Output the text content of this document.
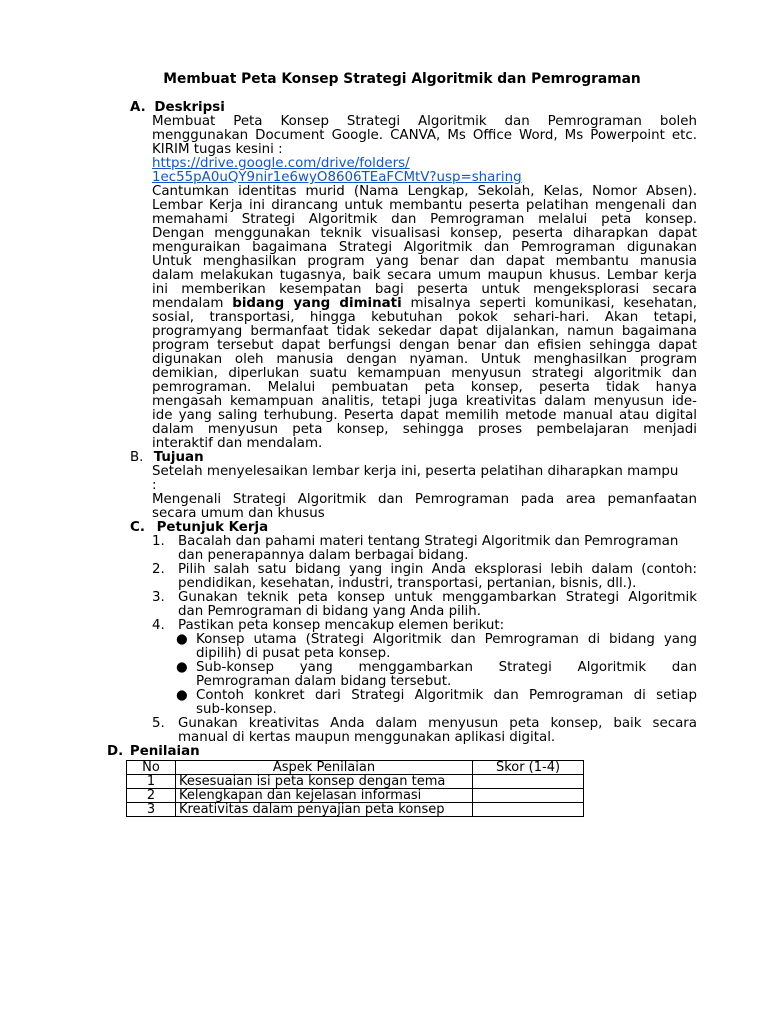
Membuat Peta Konsep Strategi Algoritmik dan Pemrograman
A. Deskripsi
Membuat Peta Konsep Strategi Algoritmik dan Pemrograman boleh
menggunakan Document Google. CANVA, Ms Office Word, Ms Powerpoint etc.
KIRIM tugas kesini :
https://drive.google.com/drive/folders/
1ec55pA0uQY9nir1e6wyO8606TEaFCMtV?usp=sharing
Cantumkan identitas murid (Nama Lengkap, Sekolah, Kelas, Nomor Absen).
Lembar Kerja ini dirancang untuk membantu peserta pelatihan mengenali dan
memahami Strategi Algoritmik dan Pemrograman melalui peta konsep.
Dengan menggunakan teknik visualisasi konsep, peserta diharapkan dapat
menguraikan bagaimana Strategi Algoritmik dan Pemrograman digunakan
Untuk menghasilkan program yang benar dan dapat membantu manusia
dalam melakukan tugasnya, baik secara umum maupun khusus. Lembar kerja
ini memberikan kesempatan bagi peserta untuk mengeksplorasi secara
mendalam bidang yang diminati misalnya seperti komunikasi, kesehatan,
sosial, transportasi, hingga kebutuhan pokok sehari-hari. Akan tetapi,
programyang bermanfaat tidak sekedar dapat dijalankan, namun bagaimana
program tersebut dapat berfungsi dengan benar dan efisien sehingga dapat
digunakan oleh manusia dengan nyaman. Untuk menghasilkan program
demikian, diperlukan suatu kemampuan menyusun strategi algoritmik dan
pemrograman. Melalui pembuatan peta konsep, peserta tidak hanya
mengasah kemampuan analitis, tetapi juga kreativitas dalam menyusun ide-
ide yang saling terhubung. Peserta dapat memilih metode manual atau digital
dalam menyusun peta konsep, sehingga proses pembelajaran menjadi
interaktif dan mendalam.
B. Tujuan
Setelah menyelesaikan lembar kerja ini, peserta pelatihan diharapkan mampu
:
Mengenali Strategi Algoritmik dan Pemrograman pada area pemanfaatan
secara umum dan khusus
C. Petunjuk Kerja
1. Bacalah dan pahami materi tentang Strategi Algoritmik dan Pemrograman
dan penerapannya dalam berbagai bidang.
2. Pilih salah satu bidang yang ingin Anda eksplorasi lebih dalam (contoh:
pendidikan, kesehatan, industri, transportasi, pertanian, bisnis, dll.).
3. Gunakan teknik peta konsep untuk menggambarkan Strategi Algoritmik
dan Pemrograman di bidang yang Anda pilih.
4. Pastikan peta konsep mencakup elemen berikut:
● Konsep utama (Strategi Algoritmik dan Pemrograman di bidang yang
dipilih) di pusat peta konsep.
● Sub-konsep yang menggambarkan Strategi Algoritmik dan
Pemrograman dalam bidang tersebut.
● Contoh konkret dari Strategi Algoritmik dan Pemrograman di setiap
sub-konsep.
5. Gunakan kreativitas Anda dalam menyusun peta konsep, baik secara
manual di kertas maupun menggunakan aplikasi digital.
D. Penilaian
No	Aspek Penilaian	Skor (1-4)
1	Kesesuaian isi peta konsep dengan tema	
2	Kelengkapan dan kejelasan informasi	
3	Kreativitas dalam penyajian peta konsep	
